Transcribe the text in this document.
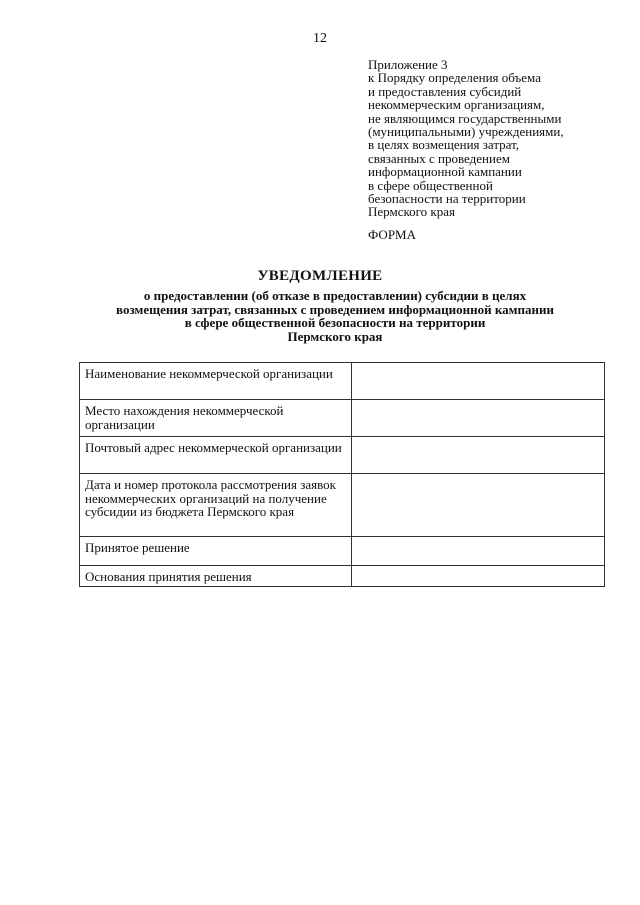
12
Приложение 3
к Порядку определения объема
и предоставления субсидий
некоммерческим организациям,
не являющимся государственными
(муниципальными) учреждениями,
в целях возмещения затрат,
связанных с проведением
информационной кампании
в сфере общественной
безопасности на территории
Пермского края
ФОРМА
УВЕДОМЛЕНИЕ
о предоставлении (об отказе в предоставлении) субсидии в целях
возмещения затрат, связанных с проведением информационной кампании
в сфере общественной безопасности на территории
Пермского края
Наименование некоммерческой организации	
Место нахождения некоммерческой организации	
Почтовый адрес некоммерческой организации	
Дата и номер протокола рассмотрения заявок некоммерческих организаций на получение субсидии из бюджета Пермского края	
Принятое решение	
Основания принятия решения	
